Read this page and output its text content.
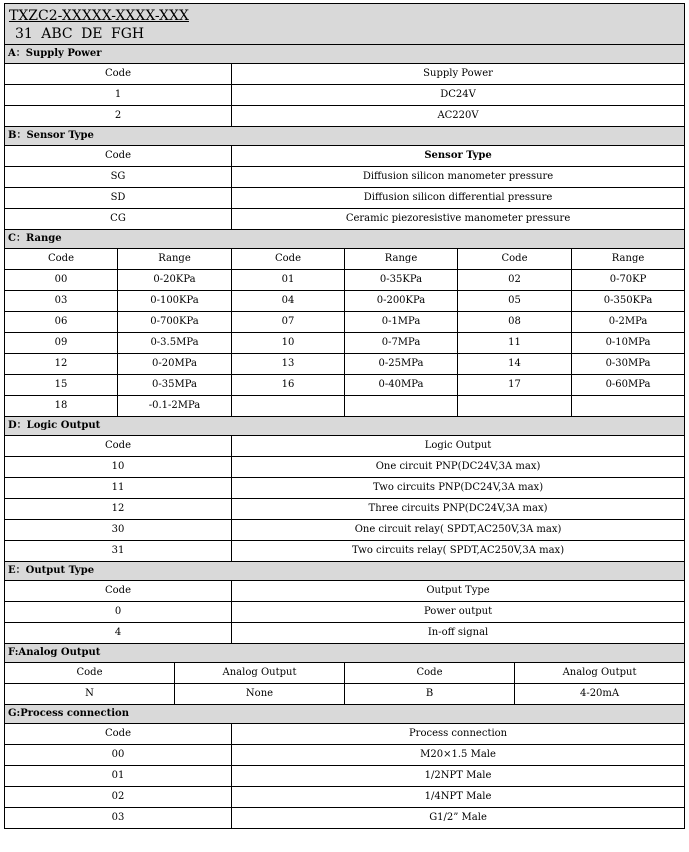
TXZC2-XXXXX-XXXX-XXX
31 ABC DE FGH							

A：Supply Power							
Code			Supply Power				
1			DC24V				
2			AC220V				
B：Sensor Type							
Code			Sensor Type				
SG			Diffusion silicon manometer pressure				
SD			Diffusion silicon differential pressure				
CG			Ceramic piezoresistive manometer pressure				
C：Range							
Code	Range		Code	Range	Code		Range
00	0-20KPa		01	0-35KPa	02		0-70KP
03	0-100KPa		04	0-200KPa	05		0-350KPa
06	0-700KPa		07	0-1MPa	08		0-2MPa
09	0-3.5MPa		10	0-7MPa	11		0-10MPa
12	0-20MPa		13	0-25MPa	14		0-30MPa
15	0-35MPa		16	0-40MPa	17		0-60MPa
18	-0.1-2MPa						
D：Logic Output							
Code			Logic Output				
10			One circuit PNP(DC24V,3A max)				
11			Two circuits PNP(DC24V,3A max)				
12			Three circuits PNP(DC24V,3A max)				
30			One circuit relay( SPDT,AC250V,3A max)				
31			Two circuits relay( SPDT,AC250V,3A max)				
E：Output Type							
Code			Output Type				
0			Power output				
4			In-off signal				
F:Analog Output							
Code		Analog Output		Code		Analog Output	
N		None		B		4-20mA	
G:Process connection							
Code			Process connection				
00			M20×1.5 Male				
01			1/2NPT Male				
02			1/4NPT Male				
03			G1/2” Male				
